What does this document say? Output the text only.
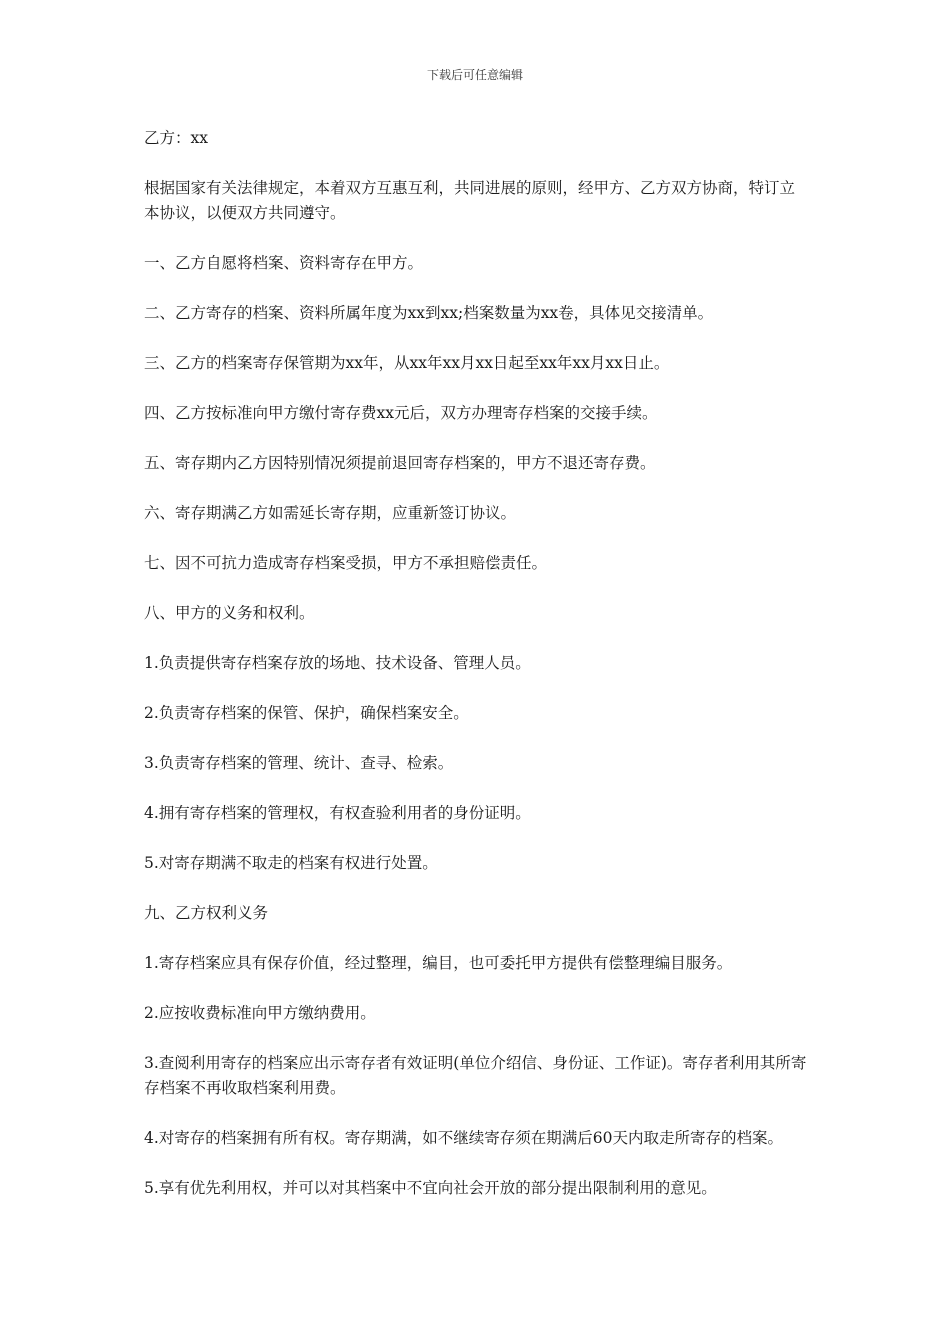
下载后可任意编辑

乙方：xx

根据国家有关法律规定，本着双方互惠互利，共同进展的原则，经甲方、乙方双方协商，特订立本协议，以便双方共同遵守。

一、乙方自愿将档案、资料寄存在甲方。

二、乙方寄存的档案、资料所属年度为xx到xx;档案数量为xx卷，具体见交接清单。

三、乙方的档案寄存保管期为xx年，从xx年xx月xx日起至xx年xx月xx日止。

四、乙方按标准向甲方缴付寄存费xx元后，双方办理寄存档案的交接手续。

五、寄存期内乙方因特别情况须提前退回寄存档案的，甲方不退还寄存费。

六、寄存期满乙方如需延长寄存期，应重新签订协议。

七、因不可抗力造成寄存档案受损，甲方不承担赔偿责任。

八、甲方的义务和权利。

1.负责提供寄存档案存放的场地、技术设备、管理人员。

2.负责寄存档案的保管、保护，确保档案安全。

3.负责寄存档案的管理、统计、查寻、检索。

4.拥有寄存档案的管理权，有权查验利用者的身份证明。

5.对寄存期满不取走的档案有权进行处置。

九、乙方权利义务

1.寄存档案应具有保存价值，经过整理，编目，也可委托甲方提供有偿整理编目服务。

2.应按收费标准向甲方缴纳费用。

3.查阅利用寄存的档案应出示寄存者有效证明(单位介绍信、身份证、工作证)。寄存者利用其所寄存档案不再收取档案利用费。

4.对寄存的档案拥有所有权。寄存期满，如不继续寄存须在期满后60天内取走所寄存的档案。

5.享有优先利用权，并可以对其档案中不宜向社会开放的部分提出限制利用的意见。
